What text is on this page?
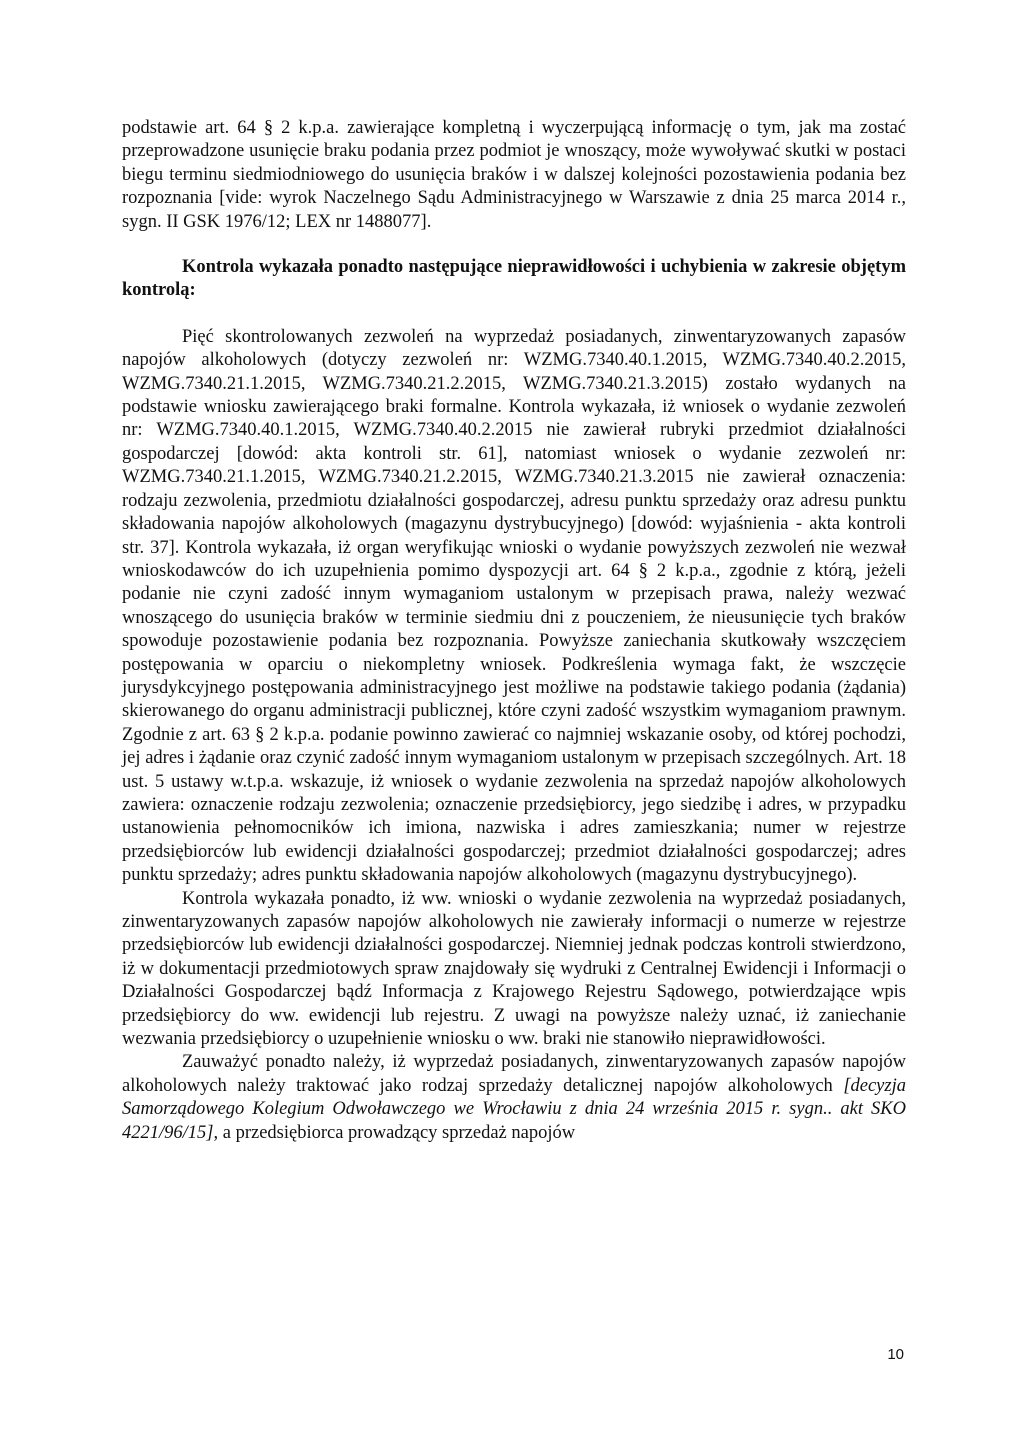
podstawie art. 64 § 2 k.p.a. zawierające kompletną i wyczerpującą informację o tym, jak ma zostać przeprowadzone usunięcie braku podania przez podmiot je wnoszący, może wywoływać skutki w postaci biegu terminu siedmiodniowego do usunięcia braków i w dalszej kolejności pozostawienia podania bez rozpoznania [vide: wyrok Naczelnego Sądu Administracyjnego w Warszawie z dnia 25 marca 2014 r., sygn. II GSK 1976/12; LEX nr 1488077].

Kontrola wykazała ponadto następujące nieprawidłowości i uchybienia w zakresie objętym kontrolą:

Pięć skontrolowanych zezwoleń na wyprzedaż posiadanych, zinwentaryzowanych zapasów napojów alkoholowych (dotyczy zezwoleń nr: WZMG.7340.40.1.2015, WZMG.7340.40.2.2015, WZMG.7340.21.1.2015, WZMG.7340.21.2.2015, WZMG.7340.21.3.2015) zostało wydanych na podstawie wniosku zawierającego braki formalne. Kontrola wykazała, iż wniosek o wydanie zezwoleń nr: WZMG.7340.40.1.2015, WZMG.7340.40.2.2015 nie zawierał rubryki przedmiot działalności gospodarczej [dowód: akta kontroli str. 61], natomiast wniosek o wydanie zezwoleń nr: WZMG.7340.21.1.2015, WZMG.7340.21.2.2015, WZMG.7340.21.3.2015 nie zawierał oznaczenia: rodzaju zezwolenia, przedmiotu działalności gospodarczej, adresu punktu sprzedaży oraz adresu punktu składowania napojów alkoholowych (magazynu dystrybucyjnego) [dowód: wyjaśnienia - akta kontroli str. 37]. Kontrola wykazała, iż organ weryfikując wnioski o wydanie powyższych zezwoleń nie wezwał wnioskodawców do ich uzupełnienia pomimo dyspozycji art. 64 § 2 k.p.a., zgodnie z którą, jeżeli podanie nie czyni zadość innym wymaganiom ustalonym w przepisach prawa, należy wezwać wnoszącego do usunięcia braków w terminie siedmiu dni z pouczeniem, że nieusunięcie tych braków spowoduje pozostawienie podania bez rozpoznania. Powyższe zaniechania skutkowały wszczęciem postępowania w oparciu o niekompletny wniosek. Podkreślenia wymaga fakt, że wszczęcie jurysdykcyjnego postępowania administracyjnego jest możliwe na podstawie takiego podania (żądania) skierowanego do organu administracji publicznej, które czyni zadość wszystkim wymaganiom prawnym. Zgodnie z art. 63 § 2 k.p.a. podanie powinno zawierać co najmniej wskazanie osoby, od której pochodzi, jej adres i żądanie oraz czynić zadość innym wymaganiom ustalonym w przepisach szczególnych. Art. 18 ust. 5 ustawy w.t.p.a. wskazuje, iż wniosek o wydanie zezwolenia na sprzedaż napojów alkoholowych zawiera: oznaczenie rodzaju zezwolenia; oznaczenie przedsiębiorcy, jego siedzibę i adres, w przypadku ustanowienia pełnomocników ich imiona, nazwiska i adres zamieszkania; numer w rejestrze przedsiębiorców lub ewidencji działalności gospodarczej; przedmiot działalności gospodarczej; adres punktu sprzedaży; adres punktu składowania napojów alkoholowych (magazynu dystrybucyjnego).

Kontrola wykazała ponadto, iż ww. wnioski o wydanie zezwolenia na wyprzedaż posiadanych, zinwentaryzowanych zapasów napojów alkoholowych nie zawierały informacji o numerze w rejestrze przedsiębiorców lub ewidencji działalności gospodarczej. Niemniej jednak podczas kontroli stwierdzono, iż w dokumentacji przedmiotowych spraw znajdowały się wydruki z Centralnej Ewidencji i Informacji o Działalności Gospodarczej bądź Informacja z Krajowego Rejestru Sądowego, potwierdzające wpis przedsiębiorcy do ww. ewidencji lub rejestru. Z uwagi na powyższe należy uznać, iż zaniechanie wezwania przedsiębiorcy o uzupełnienie wniosku o ww. braki nie stanowiło nieprawidłowości.

Zauważyć ponadto należy, iż wyprzedaż posiadanych, zinwentaryzowanych zapasów napojów alkoholowych należy traktować jako rodzaj sprzedaży detalicznej napojów alkoholowych [decyzja Samorządowego Kolegium Odwoławczego we Wrocławiu z dnia 24 września 2015 r. sygn.. akt SKO 4221/96/15], a przedsiębiorca prowadzący sprzedaż napojów

10
